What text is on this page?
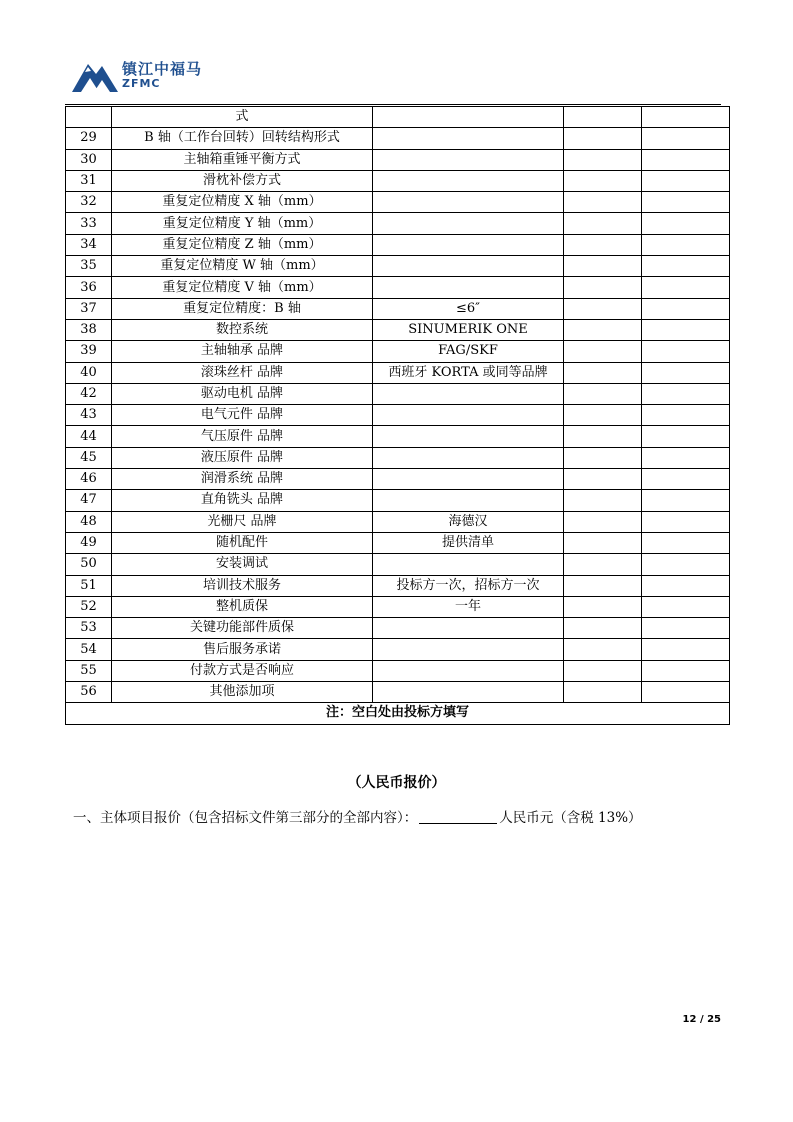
镇江中福马
ZFMC
	式			
29	B 轴（工作台回转）回转结构形式			
30	主轴箱重锤平衡方式			
31	滑枕补偿方式			
32	重复定位精度 X 轴（mm）			
33	重复定位精度 Y 轴（mm）			
34	重复定位精度 Z 轴（mm）			
35	重复定位精度 W 轴（mm）			
36	重复定位精度 V 轴（mm）			
37	重复定位精度：B 轴	≤6″		
38	数控系统	SINUMERIK ONE		
39	主轴轴承 品牌	FAG/SKF		
40	滚珠丝杆 品牌	西班牙 KORTA 或同等品牌		
42	驱动电机 品牌			
43	电气元件 品牌			
44	气压原件 品牌			
45	液压原件 品牌			
46	润滑系统 品牌			
47	直角铣头 品牌			
48	光栅尺 品牌	海德汉		
49	随机配件	提供清单		
50	安装调试			
51	培训技术服务	投标方一次，招标方一次		
52	整机质保	一年		
53	关键功能部件质保			
54	售后服务承诺			
55	付款方式是否响应			
56	其他添加项			
注：空白处由投标方填写				
（人民币报价）
一、主体项目报价（包含招标文件第三部分的全部内容）：	人民币元（含税 13%）
12 / 25
